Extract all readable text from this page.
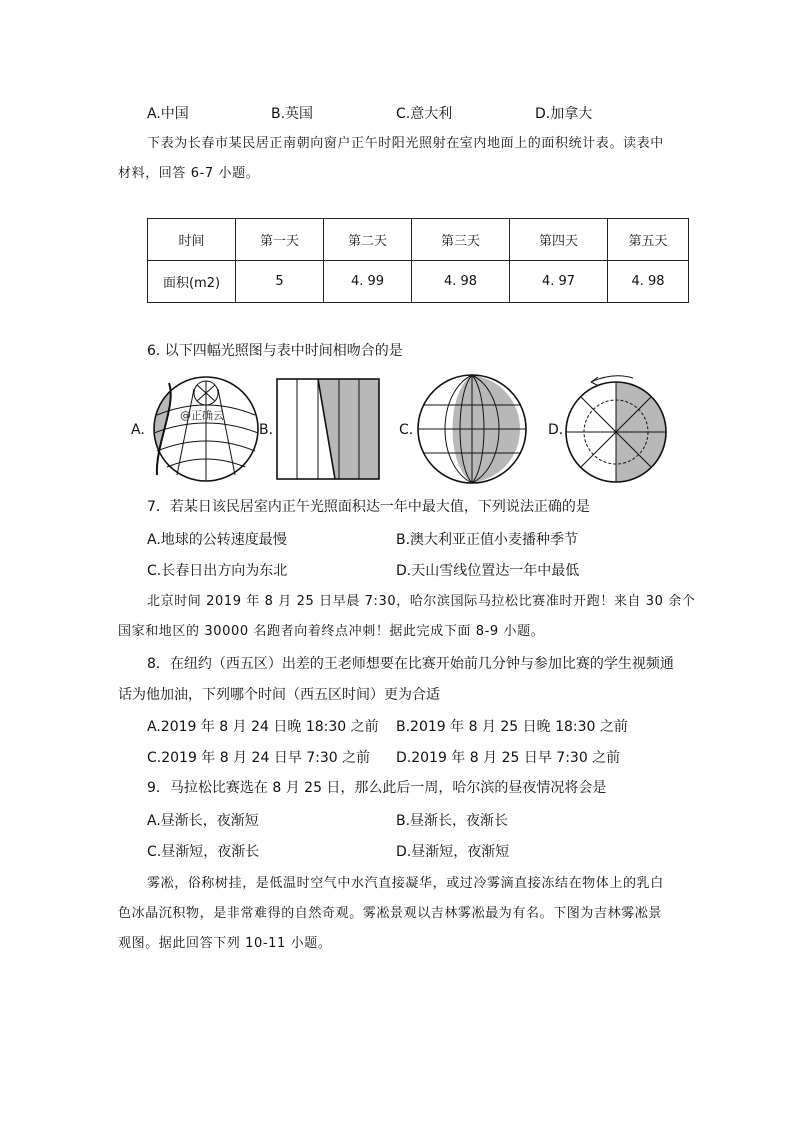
A.中国	B.英国	C.意大利	D.加拿大
下表为长春市某民居正南朝向窗户正午时阳光照射在室内地面上的面积统计表。读表中
材料，回答 6-7 小题。
时间	第一天	第二天	第三天	第四天	第五天
面积(m2)	5	4. 99	4. 98	4. 97	4. 98
6. 以下四幅光照图与表中时间相吻合的是
A.
@正确云
B.	C.	D.
7．若某日该民居室内正午光照面积达一年中最大值，下列说法正确的是
A.地球的公转速度最慢	B.澳大利亚正值小麦播种季节
C.长春日出方向为东北	D.天山雪线位置达一年中最低
北京时间 2019 年 8 月 25 日早晨 7:30，哈尔滨国际马拉松比赛准时开跑！来自 30 余个
国家和地区的 30000 名跑者向着终点冲刺！据此完成下面 8-9 小题。
8．在纽约（西五区）出差的王老师想要在比赛开始前几分钟与参加比赛的学生视频通
话为他加油，下列哪个时间（西五区时间）更为合适
A.2019 年 8 月 24 日晚 18:30 之前 B.2019 年 8 月 25 日晚 18:30 之前
C.2019 年 8 月 24 日早 7:30 之前 D.2019 年 8 月 25 日早 7:30 之前
9．马拉松比赛选在 8 月 25 日，那么此后一周，哈尔滨的昼夜情况将会是
A.昼渐长，夜渐短	B.昼渐长，夜渐长
C.昼渐短，夜渐长	D.昼渐短，夜渐短
雾凇，俗称树挂，是低温时空气中水汽直接凝华，或过冷雾滴直接冻结在物体上的乳白
色冰晶沉积物，是非常难得的自然奇观。雾凇景观以吉林雾凇最为有名。下图为吉林雾凇景
观图。据此回答下列 10-11 小题。
